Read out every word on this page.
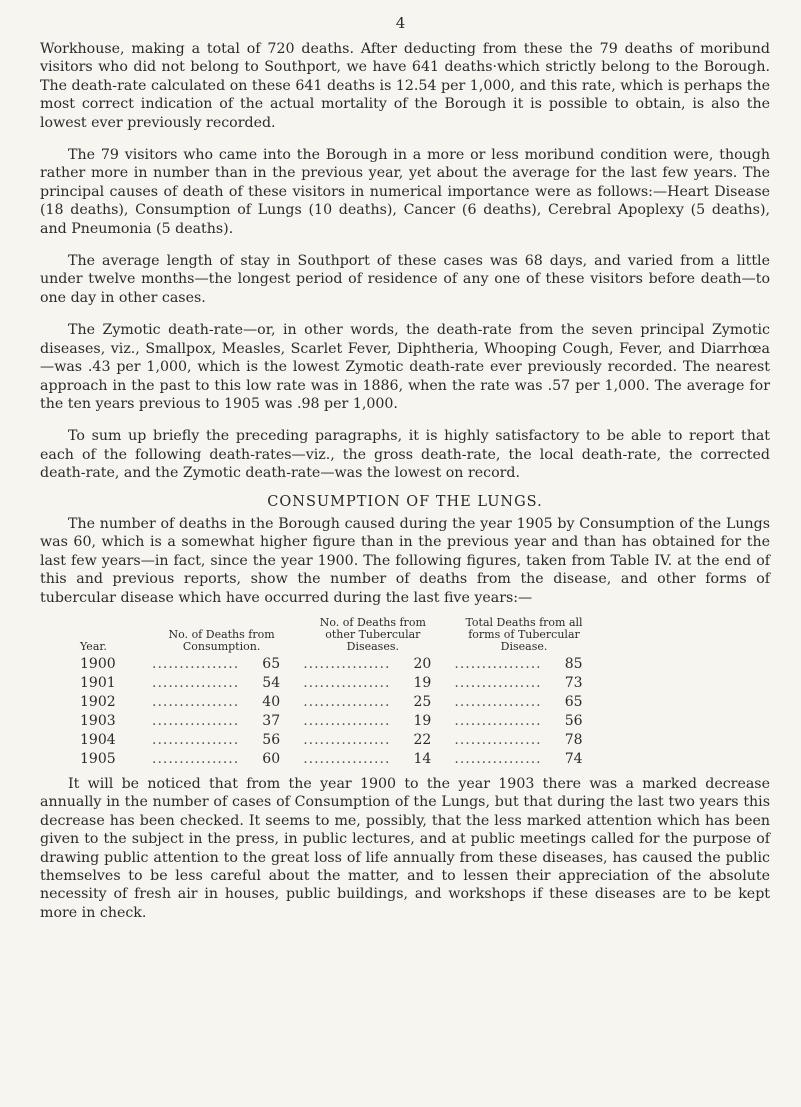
4

Workhouse, making a total of 720 deaths. After deducting from these the 79 deaths of moribund visitors who did not belong to Southport, we have 641 deaths·which strictly belong to the Borough. The death-rate calculated on these 641 deaths is 12.54 per 1,000, and this rate, which is perhaps the most correct indication of the actual mortality of the Borough it is possible to obtain, is also the lowest ever previously recorded.

The 79 visitors who came into the Borough in a more or less moribund condition were, though rather more in number than in the previous year, yet about the average for the last few years. The principal causes of death of these visitors in numerical importance were as follows:—Heart Disease (18 deaths), Consumption of Lungs (10 deaths), Cancer (6 deaths), Cerebral Apoplexy (5 deaths), and Pneumonia (5 deaths).

The average length of stay in Southport of these cases was 68 days, and varied from a little under twelve months—the longest period of residence of any one of these visitors before death—to one day in other cases.

The Zymotic death-rate—or, in other words, the death-rate from the seven principal Zymotic diseases, viz., Smallpox, Measles, Scarlet Fever, Diphtheria, Whooping Cough, Fever, and Diarrhœa—was .43 per 1,000, which is the lowest Zymotic death-rate ever previously recorded. The nearest approach in the past to this low rate was in 1886, when the rate was .57 per 1,000. The average for the ten years previous to 1905 was .98 per 1,000.

To sum up briefly the preceding paragraphs, it is highly satisfactory to be able to report that each of the following death-rates—viz., the gross death-rate, the local death-rate, the corrected death-rate, and the Zymotic death-rate—was the lowest on record.

CONSUMPTION OF THE LUNGS.

The number of deaths in the Borough caused during the year 1905 by Consumption of the Lungs was 60, which is a somewhat higher figure than in the previous year and than has obtained for the last few years—in fact, since the year 1900. The following figures, taken from Table IV. at the end of this and previous reports, show the number of deaths from the disease, and other forms of tubercular disease which have occurred during the last five years:—

Year.	No. of Deaths from Consumption.		No. of Deaths from other Tubercular Diseases.		Total Deaths from all forms of Tubercular Disease.	
1900	................	65	................	20	................	85
1901	................	54	................	19	................	73
1902	................	40	................	25	................	65
1903	................	37	................	19	................	56
1904	................	56	................	22	................	78
1905	................	60	................	14	................	74

It will be noticed that from the year 1900 to the year 1903 there was a marked decrease annually in the number of cases of Consumption of the Lungs, but that during the last two years this decrease has been checked. It seems to me, possibly, that the less marked attention which has been given to the subject in the press, in public lectures, and at public meetings called for the purpose of drawing public attention to the great loss of life annually from these diseases, has caused the public themselves to be less careful about the matter, and to lessen their appreciation of the absolute necessity of fresh air in houses, public buildings, and workshops if these diseases are to be kept more in check.
